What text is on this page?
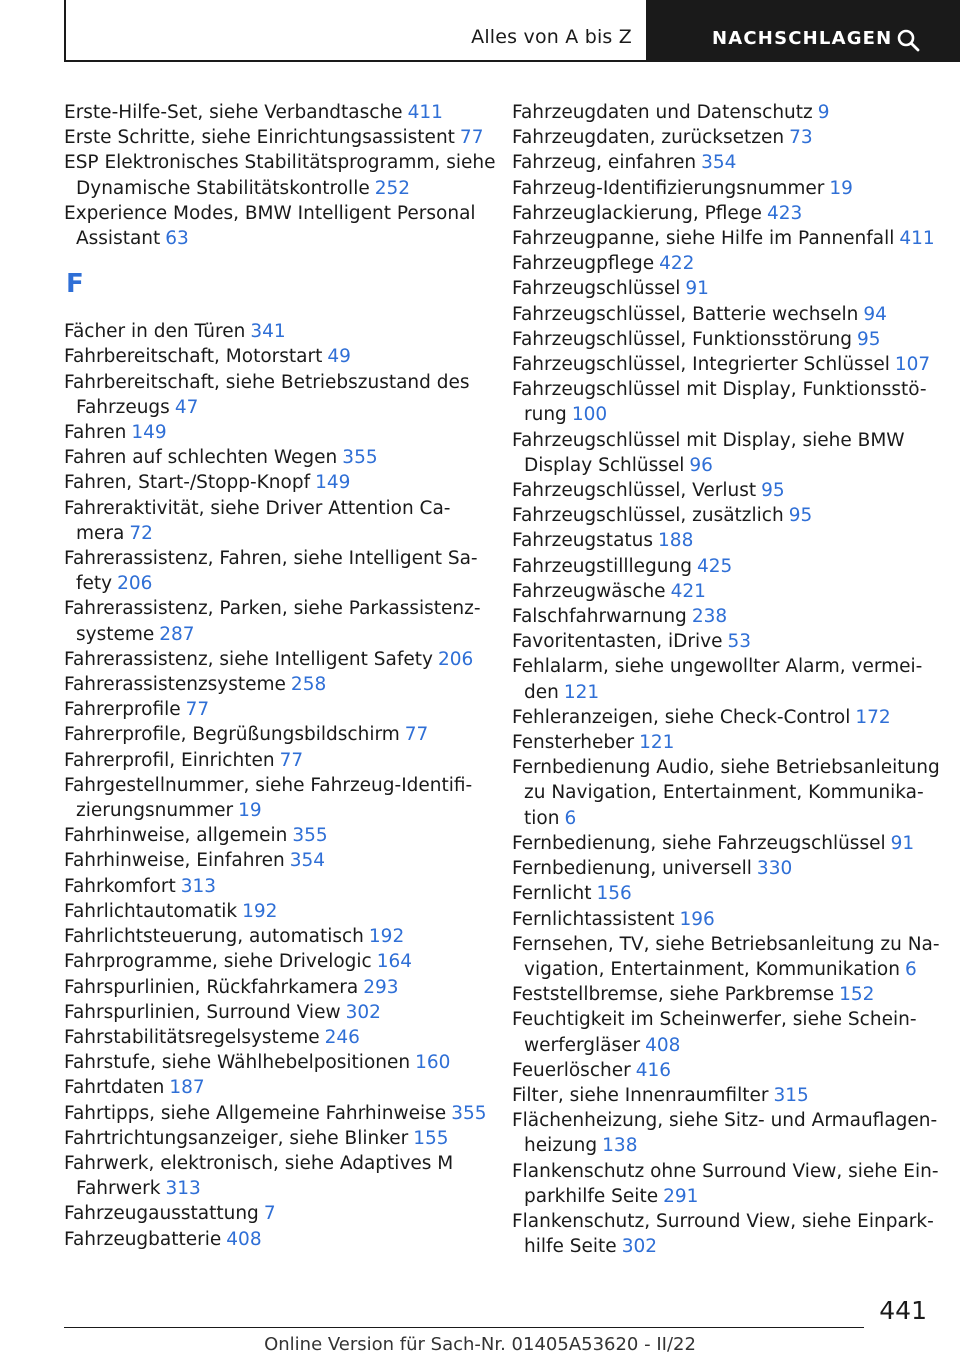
Alles von A bis Z	NACHSCHLAGEN
Erste-Hilfe-Set, siehe Verbandtasche 411
Erste Schritte, siehe Einrichtungsassistent 77
ESP Elektronisches Stabilitätsprogramm, siehe
Dynamische Stabilitätskontrolle 252
Experience Modes, BMW Intelligent Personal
Assistant 63
F
Fächer in den Türen 341
Fahrbereitschaft, Motorstart 49
Fahrbereitschaft, siehe Betriebszustand des
Fahrzeugs 47
Fahren 149
Fahren auf schlechten Wegen 355
Fahren, Start-/Stopp-Knopf 149
Fahreraktivität, siehe Driver Attention Ca-
mera 72
Fahrerassistenz, Fahren, siehe Intelligent Sa-
fety 206
Fahrerassistenz, Parken, siehe Parkassistenz-
systeme 287
Fahrerassistenz, siehe Intelligent Safety 206
Fahrerassistenzsysteme 258
Fahrerprofile 77
Fahrerprofile, Begrüßungsbildschirm 77
Fahrerprofil, Einrichten 77
Fahrgestellnummer, siehe Fahrzeug-Identifi-
zierungsnummer 19
Fahrhinweise, allgemein 355
Fahrhinweise, Einfahren 354
Fahrkomfort 313
Fahrlichtautomatik 192
Fahrlichtsteuerung, automatisch 192
Fahrprogramme, siehe Drivelogic 164
Fahrspurlinien, Rückfahrkamera 293
Fahrspurlinien, Surround View 302
Fahrstabilitätsregelsysteme 246
Fahrstufe, siehe Wählhebelpositionen 160
Fahrtdaten 187
Fahrtipps, siehe Allgemeine Fahrhinweise 355
Fahrtrichtungsanzeiger, siehe Blinker 155
Fahrwerk, elektronisch, siehe Adaptives M
Fahrwerk 313
Fahrzeugausstattung 7
Fahrzeugbatterie 408
Fahrzeugdaten und Datenschutz 9
Fahrzeugdaten, zurücksetzen 73
Fahrzeug, einfahren 354
Fahrzeug-Identifizierungsnummer 19
Fahrzeuglackierung, Pflege 423
Fahrzeugpanne, siehe Hilfe im Pannenfall 411
Fahrzeugpflege 422
Fahrzeugschlüssel 91
Fahrzeugschlüssel, Batterie wechseln 94
Fahrzeugschlüssel, Funktionsstörung 95
Fahrzeugschlüssel, Integrierter Schlüssel 107
Fahrzeugschlüssel mit Display, Funktionsstö-
rung 100
Fahrzeugschlüssel mit Display, siehe BMW
Display Schlüssel 96
Fahrzeugschlüssel, Verlust 95
Fahrzeugschlüssel, zusätzlich 95
Fahrzeugstatus 188
Fahrzeugstilllegung 425
Fahrzeugwäsche 421
Falschfahrwarnung 238
Favoritentasten, iDrive 53
Fehlalarm, siehe ungewollter Alarm, vermei-
den 121
Fehleranzeigen, siehe Check-Control 172
Fensterheber 121
Fernbedienung Audio, siehe Betriebsanleitung
zu Navigation, Entertainment, Kommunika-
tion 6
Fernbedienung, siehe Fahrzeugschlüssel 91
Fernbedienung, universell 330
Fernlicht 156
Fernlichtassistent 196
Fernsehen, TV, siehe Betriebsanleitung zu Na-
vigation, Entertainment, Kommunikation 6
Feststellbremse, siehe Parkbremse 152
Feuchtigkeit im Scheinwerfer, siehe Schein-
werfergläser 408
Feuerlöscher 416
Filter, siehe Innenraumfilter 315
Flächenheizung, siehe Sitz- und Armauflagen-
heizung 138
Flankenschutz ohne Surround View, siehe Ein-
parkhilfe Seite 291
Flankenschutz, Surround View, siehe Einpark-
hilfe Seite 302
441
Online Version für Sach-Nr. 01405A53620 - II/22
